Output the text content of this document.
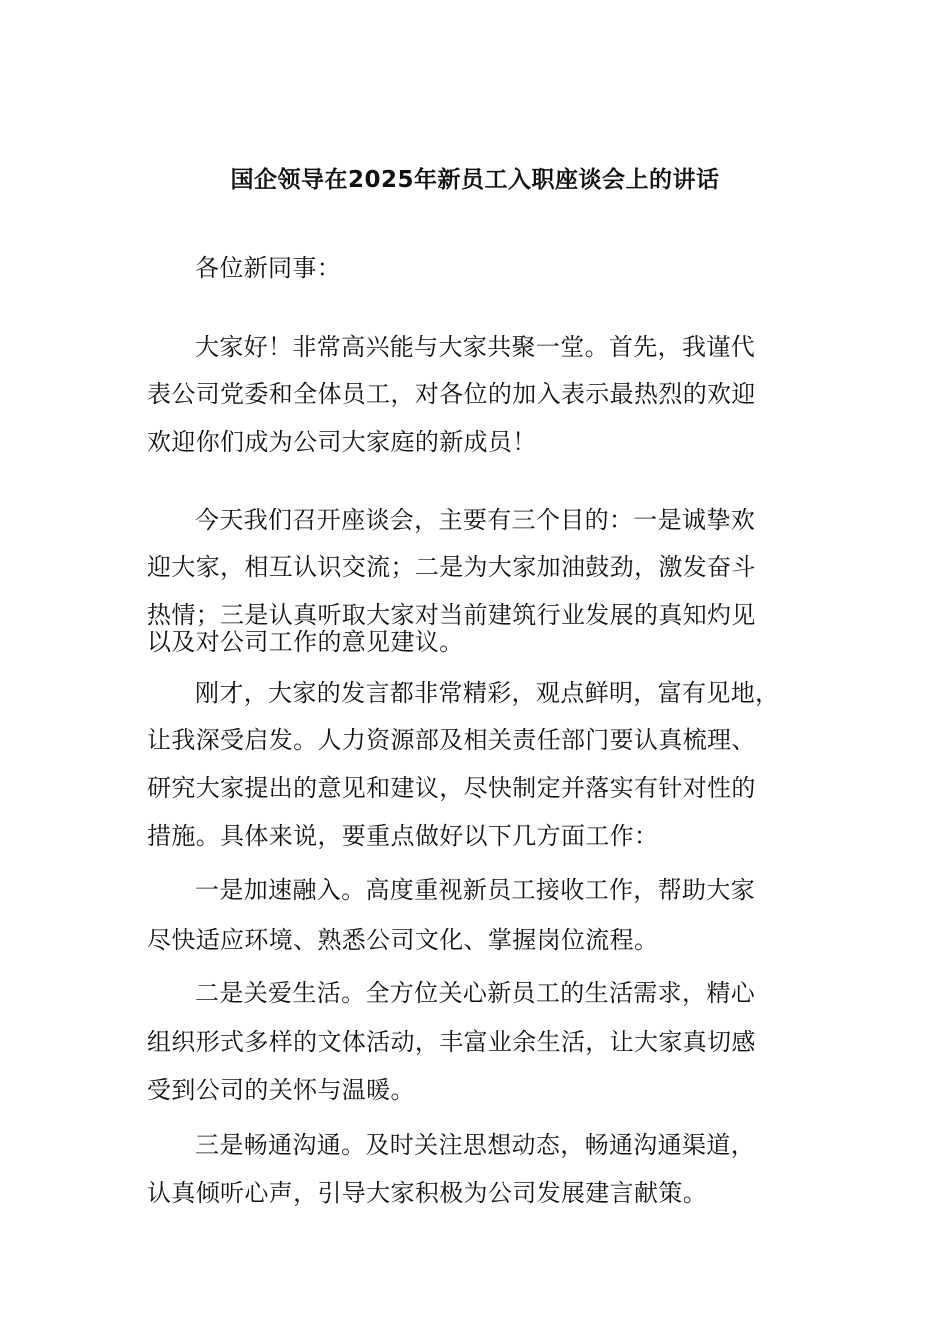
国企领导在2025年新员工入职座谈会上的讲话
各位新同事：
大家好！非常高兴能与大家共聚一堂。首先，我谨代
表公司党委和全体员工，对各位的加入表示最热烈的欢迎
欢迎你们成为公司大家庭的新成员！
今天我们召开座谈会，主要有三个目的：一是诚挚欢
迎大家，相互认识交流；二是为大家加油鼓劲，激发奋斗
热情；三是认真听取大家对当前建筑行业发展的真知灼见
以及对公司工作的意见建议。
刚才，大家的发言都非常精彩，观点鲜明，富有见地，
让我深受启发。人力资源部及相关责任部门要认真梳理、
研究大家提出的意见和建议，尽快制定并落实有针对性的
措施。具体来说，要重点做好以下几方面工作：
一是加速融入。高度重视新员工接收工作，帮助大家
尽快适应环境、熟悉公司文化、掌握岗位流程。
二是关爱生活。全方位关心新员工的生活需求，精心
组织形式多样的文体活动，丰富业余生活，让大家真切感
受到公司的关怀与温暖。
三是畅通沟通。及时关注思想动态，畅通沟通渠道，
认真倾听心声，引导大家积极为公司发展建言献策。
